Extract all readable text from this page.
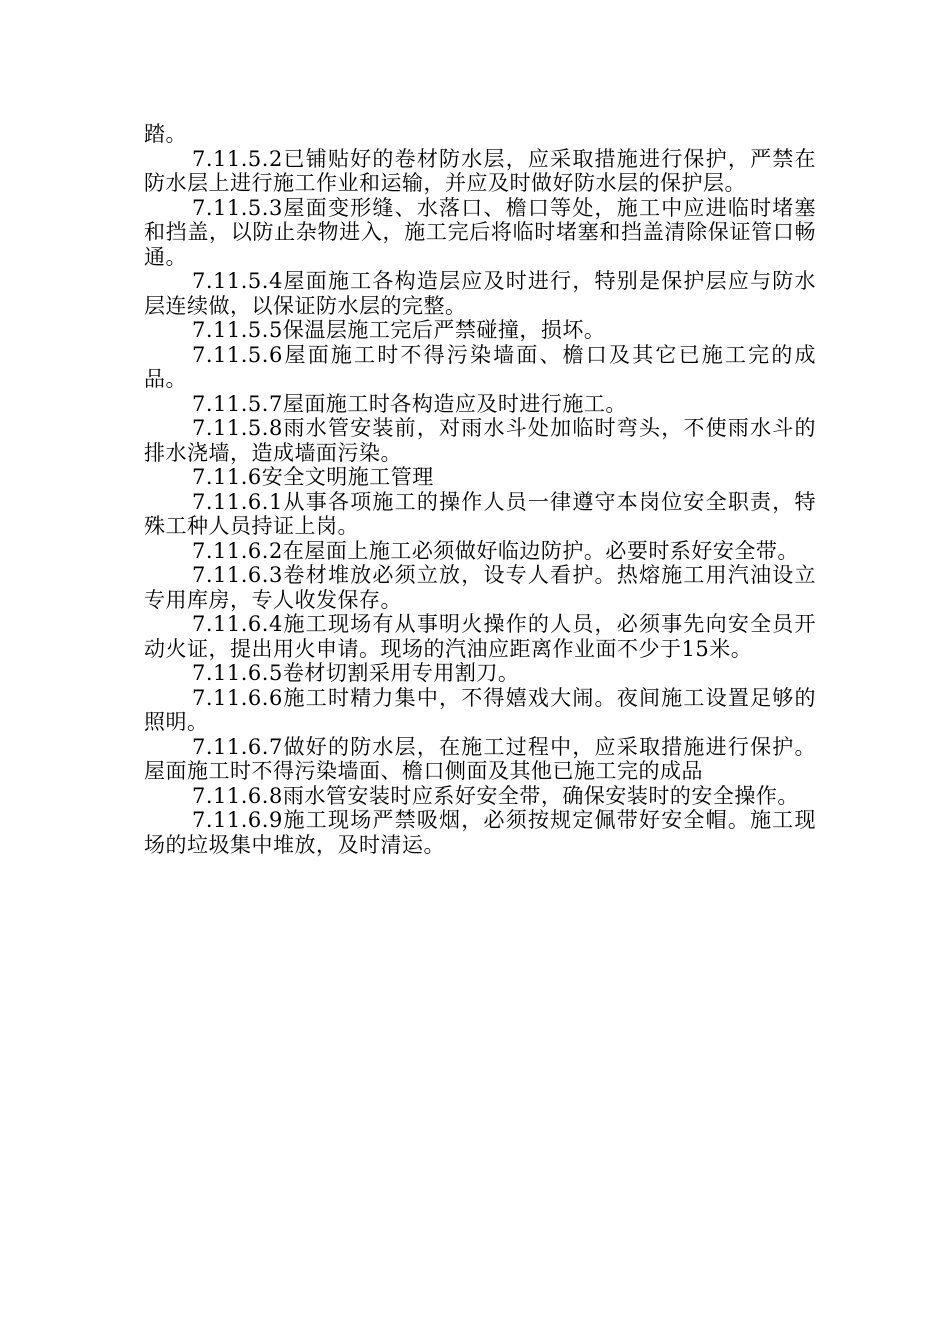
踏。

7.11.5.2已铺贴好的卷材防水层，应采取措施进行保护，严禁在防水层上进行施工作业和运输，并应及时做好防水层的保护层。

7.11.5.3屋面变形缝、水落口、檐口等处，施工中应进临时堵塞和挡盖，以防止杂物进入，施工完后将临时堵塞和挡盖清除保证管口畅通。

7.11.5.4屋面施工各构造层应及时进行，特别是保护层应与防水层连续做，以保证防水层的完整。

7.11.5.5保温层施工完后严禁碰撞，损坏。

7.11.5.6屋面施工时不得污染墙面、檐口及其它已施工完的成品。

7.11.5.7屋面施工时各构造应及时进行施工。

7.11.5.8雨水管安装前，对雨水斗处加临时弯头，不使雨水斗的排水浇墙，造成墙面污染。

7.11.6安全文明施工管理

7.11.6.1从事各项施工的操作人员一律遵守本岗位安全职责，特殊工种人员持证上岗。

7.11.6.2在屋面上施工必须做好临边防护。必要时系好安全带。

7.11.6.3卷材堆放必须立放，设专人看护。热熔施工用汽油设立专用库房，专人收发保存。

7.11.6.4施工现场有从事明火操作的人员，必须事先向安全员开动火证，提出用火申请。现场的汽油应距离作业面不少于15米。

7.11.6.5卷材切割采用专用割刀。

7.11.6.6施工时精力集中，不得嬉戏大闹。夜间施工设置足够的照明。

7.11.6.7做好的防水层，在施工过程中，应采取措施进行保护。屋面施工时不得污染墙面、檐口侧面及其他已施工完的成品

7.11.6.8雨水管安装时应系好安全带，确保安装时的安全操作。

7.11.6.9施工现场严禁吸烟，必须按规定佩带好安全帽。施工现场的垃圾集中堆放，及时清运。
